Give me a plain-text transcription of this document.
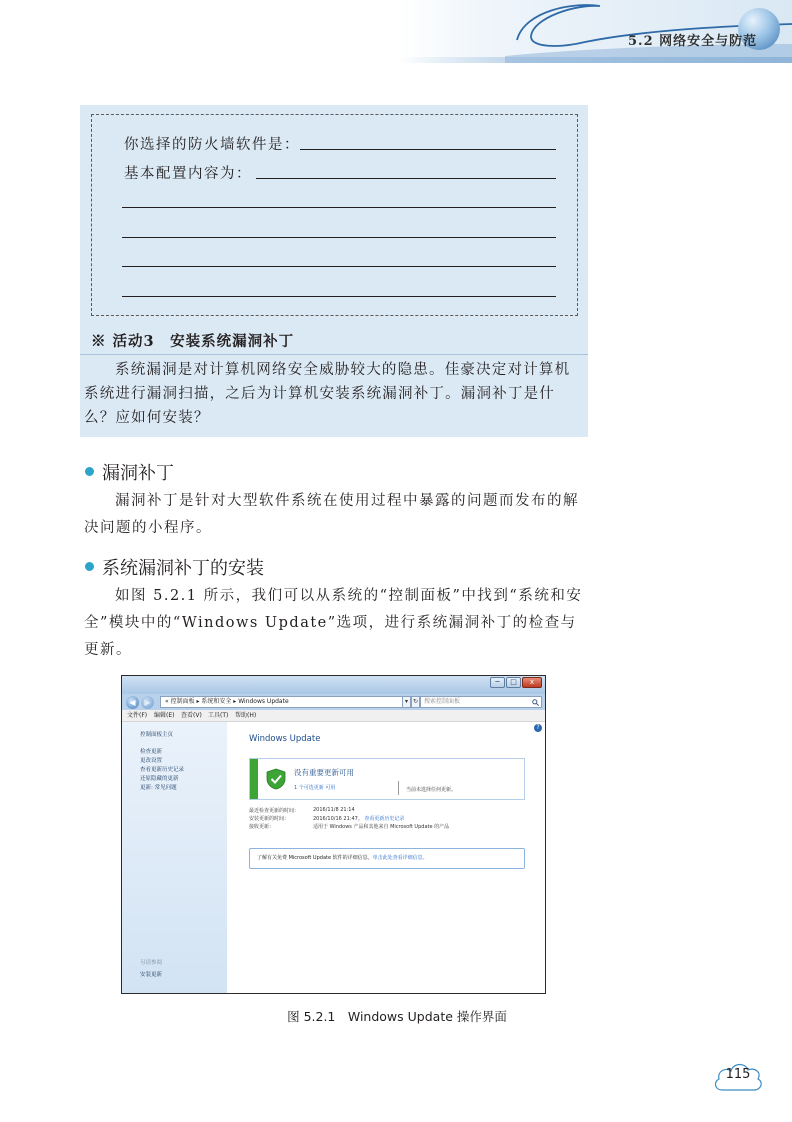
5.2 网络安全与防范
你选择的防火墙软件是：
基本配置内容为：
※ 活动3　安装系统漏洞补丁
系统漏洞是对计算机网络安全威胁较大的隐患。佳豪决定对计算机系统进行漏洞扫描，之后为计算机安装系统漏洞补丁。漏洞补丁是什么？应如何安装？
漏洞补丁
漏洞补丁是针对大型软件系统在使用过程中暴露的问题而发布的解决问题的小程序。
系统漏洞补丁的安装
如图 5.2.1 所示，我们可以从系统的“控制面板”中找到“系统和安全”模块中的“Windows Update”选项，进行系统漏洞补丁的检查与更新。
─	□	x
◀	▶	« 控制面板 ▸ 系统和安全 ▸ Windows Update	▾ ↻ 搜索控制面板
文件(F) 编辑(E) 查看(V) 工具(T) 帮助(H)
控制面板主页
检查更新
更改设置
查看更新历史记录
还原隐藏的更新
更新: 常见问题
另请参阅
安装更新
?
Windows Update
没有重要更新可用
1 个可选更新 可用	当前未选择任何更新。
最近检查更新的时间：	2016/11/8 21:14
安装更新的时间：	2016/10/16 21:47。 查看更新历史记录
接收更新：	适用于 Windows 产品和其他来自 Microsoft Update 的产品
了解有关免费 Microsoft Update 软件的详细信息。单击此处查看详细信息。
图 5.2.1　Windows Update 操作界面
115
